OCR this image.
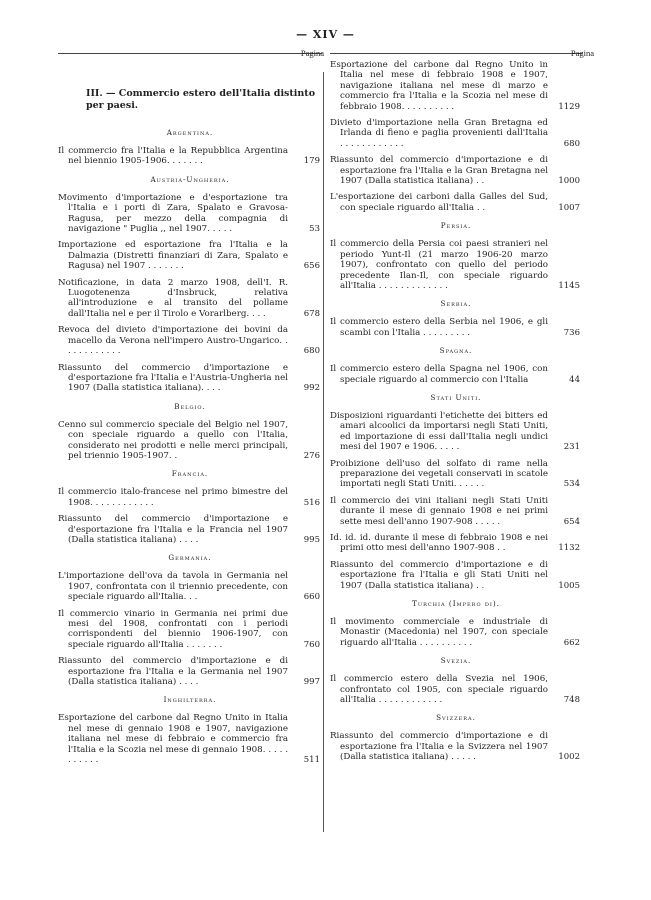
— XIV —
Pagina
III. — Commercio estero dell'Italia distinto per paesi.
Argentina.
Il commercio fra l'Italia e la Repubblica Argentina nel biennio 1905-1906. . . . . . .	179
Austria-Ungheria.
Movimento d'importazione e d'esportazione tra l'Italia e i porti di Zara, Spalato e Gravosa-Ragusa, per mezzo della compagnia di navigazione " Puglia ,, nel 1907. . . . .	53
Importazione ed esportazione fra l'Italia e la Dalmazia (Distretti finanziari di Zara, Spalato e Ragusa) nel 1907 . . . . . . .	656
Notificazione, in data 2 marzo 1908, dell'I. R. Luogotenenza d'Insbruck, relativa all'introduzione e al transito del pollame dall'Italia nel e per il Tirolo e Vorarlberg. . . .	678
Revoca del divieto d'importazione dei bovini da macello da Verona nell'impero Austro-Ungarico. . . . . . . . . . . .	680
Riassunto del commercio d'importazione e d'esportazione fra l'Italia e l'Austria-Ungheria nel 1907 (Dalla statistica italiana). . . .	992
Belgio.
Cenno sul commercio speciale del Belgio nel 1907, con speciale riguardo a quello con l'Italia, considerato nei prodotti e nelle merci principali, pel triennio 1905-1907. .	276
Francia.
Il commercio italo-francese nel primo bimestre del 1908. . . . . . . . . . . .	516
Riassunto del commercio d'importazione e d'esportazione fra l'Italia e la Francia nel 1907 (Dalla statistica italiana) . . . .	995
Germania.
L'importazione dell'ova da tavola in Germania nel 1907, confrontata con il triennio precedente, con speciale riguardo all'Italia. . .	660
Il commercio vinario in Germania nei primi due mesi del 1908, confrontati con i periodi corrispondenti del biennio 1906-1907, con speciale riguardo all'Italia . . . . . . .	760
Riassunto del commercio d'importazione e di esportazione fra l'Italia e la Germania nel 1907 (Dalla statistica italiana) . . . .	997
Inghilterra.
Esportazione del carbone dal Regno Unito in Italia nel mese di gennaio 1908 e 1907, navigazione italiana nel mese di febbraio e commercio fra l'Italia e la Scozia nel mese di gennaio 1908. . . . . . . . . . .	511
Pagina
Esportazione del carbone dal Regno Unito in Italia nel mese di febbraio 1908 e 1907, navigazione italiana nel mese di marzo e commercio fra l'Italia e la Scozia nel mese di febbraio 1908. . . . . . . . . .	1129
Divieto d'importazione nella Gran Bretagna ed Irlanda di fieno e paglia provenienti dall'Italia . . . . . . . . . . . .	680
Riassunto del commercio d'importazione e di esportazione fra l'Italia e la Gran Bretagna nel 1907 (Dalla statistica italiana) . .	1000
L'esportazione dei carboni dalla Galles del Sud, con speciale riguardo all'Italia . .	1007
Persia.
Il commercio della Persia coi paesi stranieri nel periodo Yunt-Il (21 marzo 1906-20 marzo 1907), confrontato con quello del periodo precedente Ilan-Il, con speciale riguardo all'Italia . . . . . . . . . . . . .	1145
Serbia.
Il commercio estero della Serbia nel 1906, e gli scambi con l'Italia . . . . . . . . .	736
Spagna.
Il commercio estero della Spagna nel 1906, con speciale riguardo al commercio con l'Italia	44
Stati Uniti.
Disposizioni riguardanti l'etichette dei bitters ed amari alcoolici da importarsi negli Stati Uniti, ed importazione di essi dall'Italia negli undici mesi del 1907 e 1906. . . . .	231
Proibizione dell'uso del solfato di rame nella preparazione dei vegetali conservati in scatole importati negli Stati Uniti. . . . . .	534
Il commercio dei vini italiani negli Stati Uniti durante il mese di gennaio 1908 e nei primi sette mesi dell'anno 1907-908 . . . . .	654
Id. id. id. durante il mese di febbraio 1908 e nei primi otto mesi dell'anno 1907-908 . .	1132
Riassunto del commercio d'importazione e di esportazione fra l'Italia e gli Stati Uniti nel 1907 (Dalla statistica italiana) . .	1005
Turchia (Impero di).
Il movimento commerciale e industriale di Monastir (Macedonia) nel 1907, con speciale riguardo all'Italia . . . . . . . . . .	662
Svezia.
Il commercio estero della Svezia nel 1906, confrontato col 1905, con speciale riguardo all'Italia . . . . . . . . . . . .	748
Svizzera.
Riassunto del commercio d'importazione e di esportazione fra l'Italia e la Svizzera nel 1907 (Dalla statistica italiana) . . . . .	1002
